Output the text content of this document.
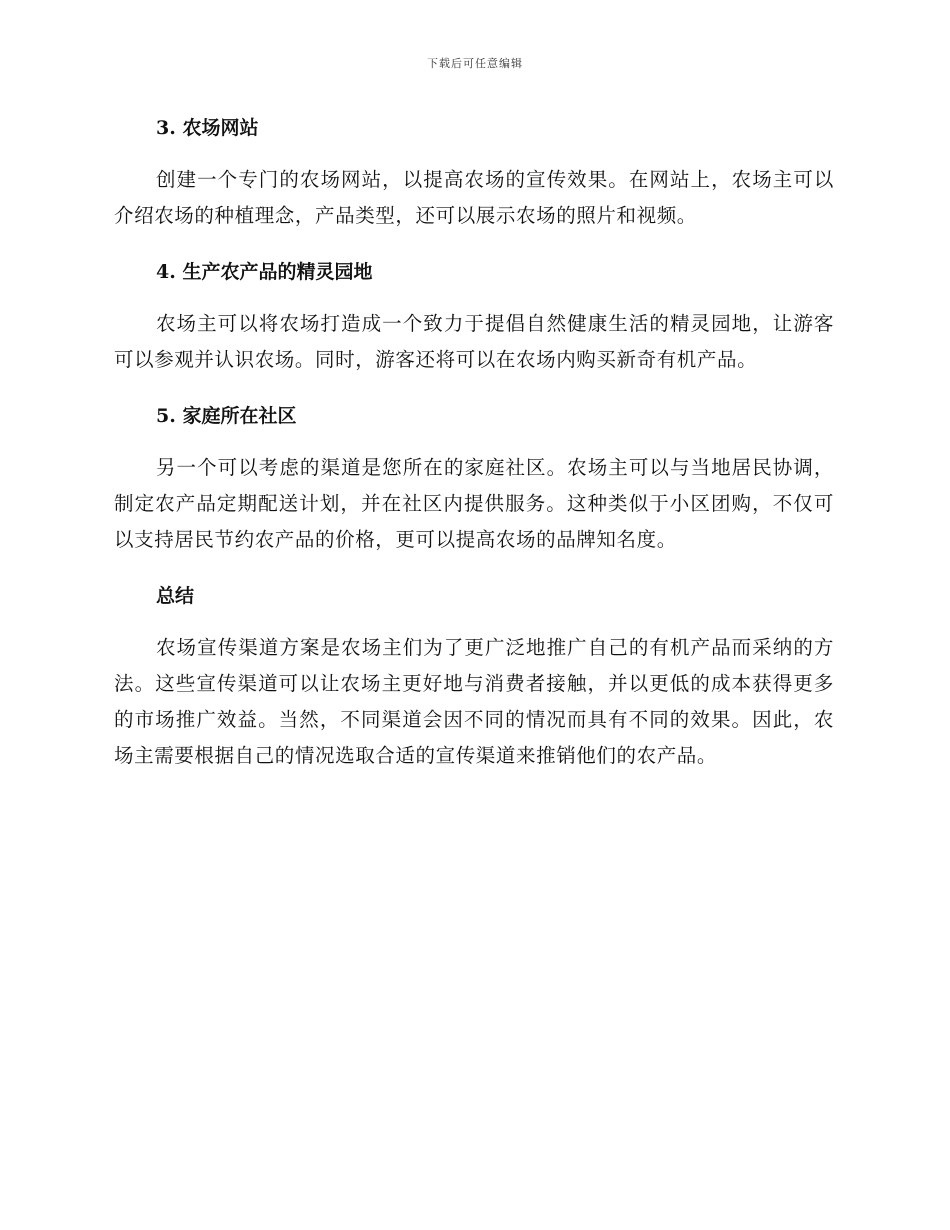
下载后可任意编辑
3. 农场网站

创建一个专门的农场网站，以提高农场的宣传效果。在网站上，农场主可以介绍农场的种植理念，产品类型，还可以展示农场的照片和视频。

4. 生产农产品的精灵园地

农场主可以将农场打造成一个致力于提倡自然健康生活的精灵园地，让游客可以参观并认识农场。同时，游客还将可以在农场内购买新奇有机产品。

5. 家庭所在社区

另一个可以考虑的渠道是您所在的家庭社区。农场主可以与当地居民协调，制定农产品定期配送计划，并在社区内提供服务。这种类似于小区团购，不仅可以支持居民节约农产品的价格，更可以提高农场的品牌知名度。

总结

农场宣传渠道方案是农场主们为了更广泛地推广自己的有机产品而采纳的方法。这些宣传渠道可以让农场主更好地与消费者接触，并以更低的成本获得更多的市场推广效益。当然，不同渠道会因不同的情况而具有不同的效果。因此，农场主需要根据自己的情况选取合适的宣传渠道来推销他们的农产品。
